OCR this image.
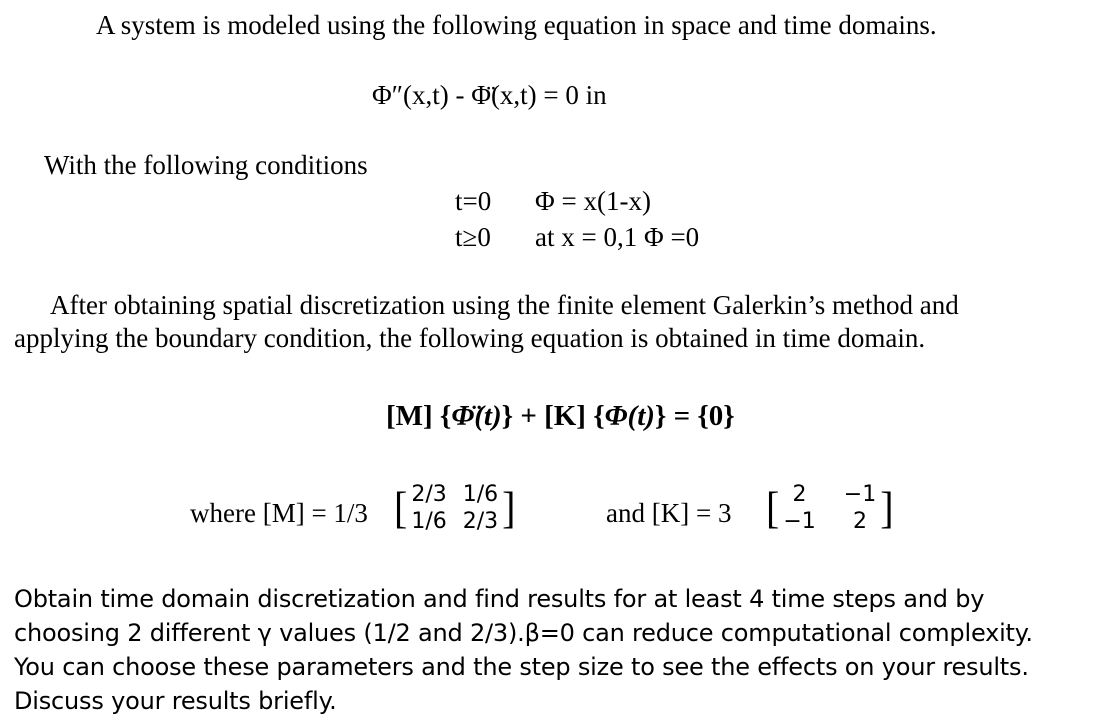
A system is modeled using the following equation in space and time domains.
Φ″(x,t) - Φ̈(x,t) = 0 in
With the following conditions
t=0 Φ = x(1-x)
t≥0 at x = 0,1 Φ =0
After obtaining spatial discretization using the finite element Galerkin’s method and
applying the boundary condition, the following equation is obtained in time domain.
[M] {Φ̈(t)} + [K] {Φ(t)} = {0}
where [M] = 1/3 [ 2/3 1/6
1/6 2/3 ]	and [K] = 3 [ 2	−1
−1	2 ]
Obtain time domain discretization and find results for at least 4 time steps and by
choosing 2 different γ values (1/2 and 2/3).β=0 can reduce computational complexity.
You can choose these parameters and the step size to see the effects on your results.
Discuss your results briefly.
